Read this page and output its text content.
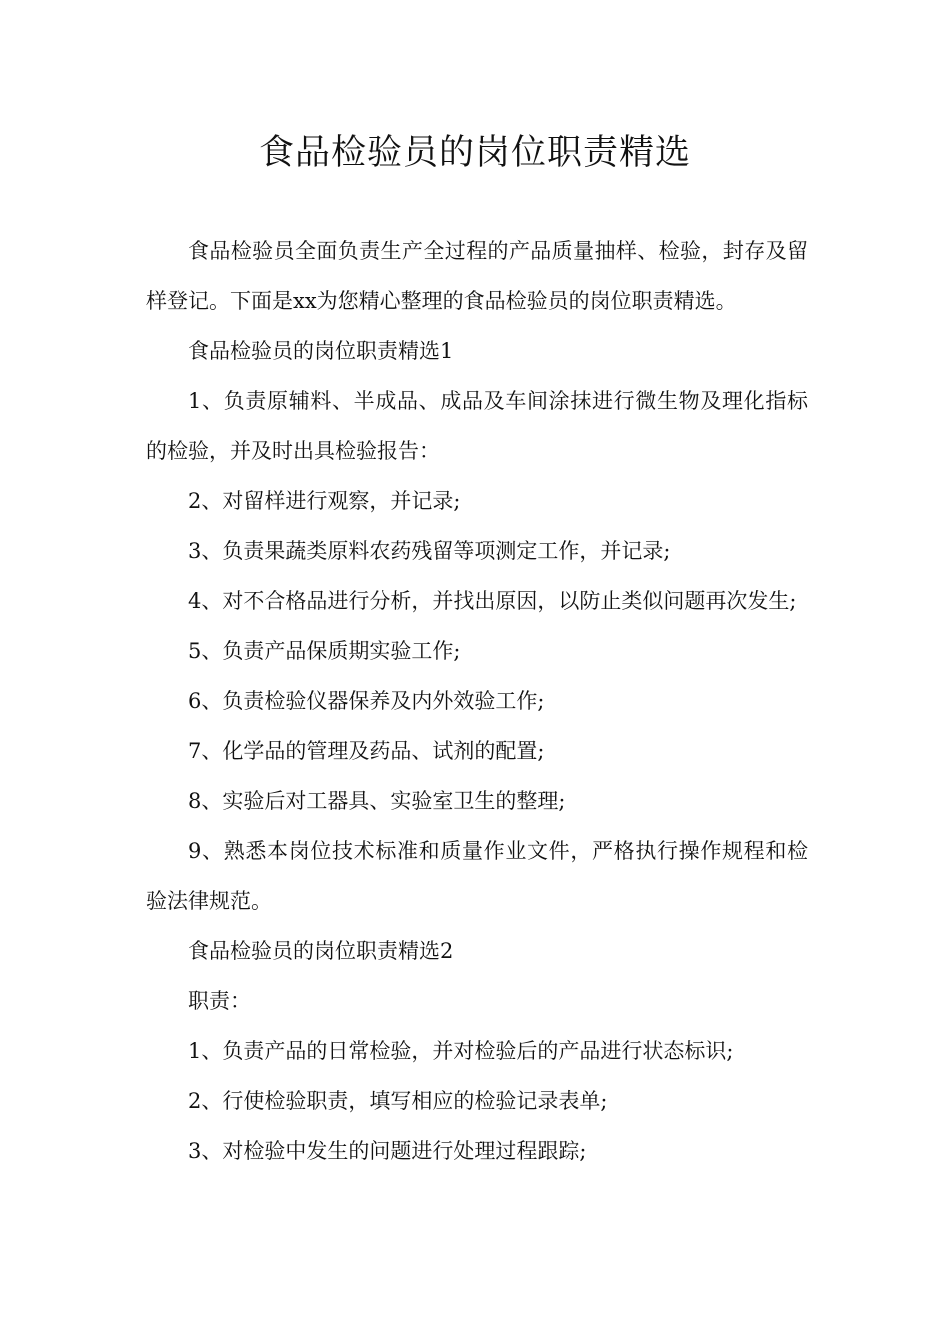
食品检验员的岗位职责精选

食品检验员全面负责生产全过程的产品质量抽样、检验，封存及留样登记。下面是xx为您精心整理的食品检验员的岗位职责精选。

食品检验员的岗位职责精选1

1、负责原辅料、半成品、成品及车间涂抹进行微生物及理化指标的检验，并及时出具检验报告：

2、对留样进行观察，并记录;

3、负责果蔬类原料农药残留等项测定工作，并记录;

4、对不合格品进行分析，并找出原因，以防止类似问题再次发生;

5、负责产品保质期实验工作;

6、负责检验仪器保养及内外效验工作;

7、化学品的管理及药品、试剂的配置;

8、实验后对工器具、实验室卫生的整理;

9、熟悉本岗位技术标准和质量作业文件，严格执行操作规程和检验法律规范。

食品检验员的岗位职责精选2

职责：

1、负责产品的日常检验，并对检验后的产品进行状态标识;

2、行使检验职责，填写相应的检验记录表单;

3、对检验中发生的问题进行处理过程跟踪;
